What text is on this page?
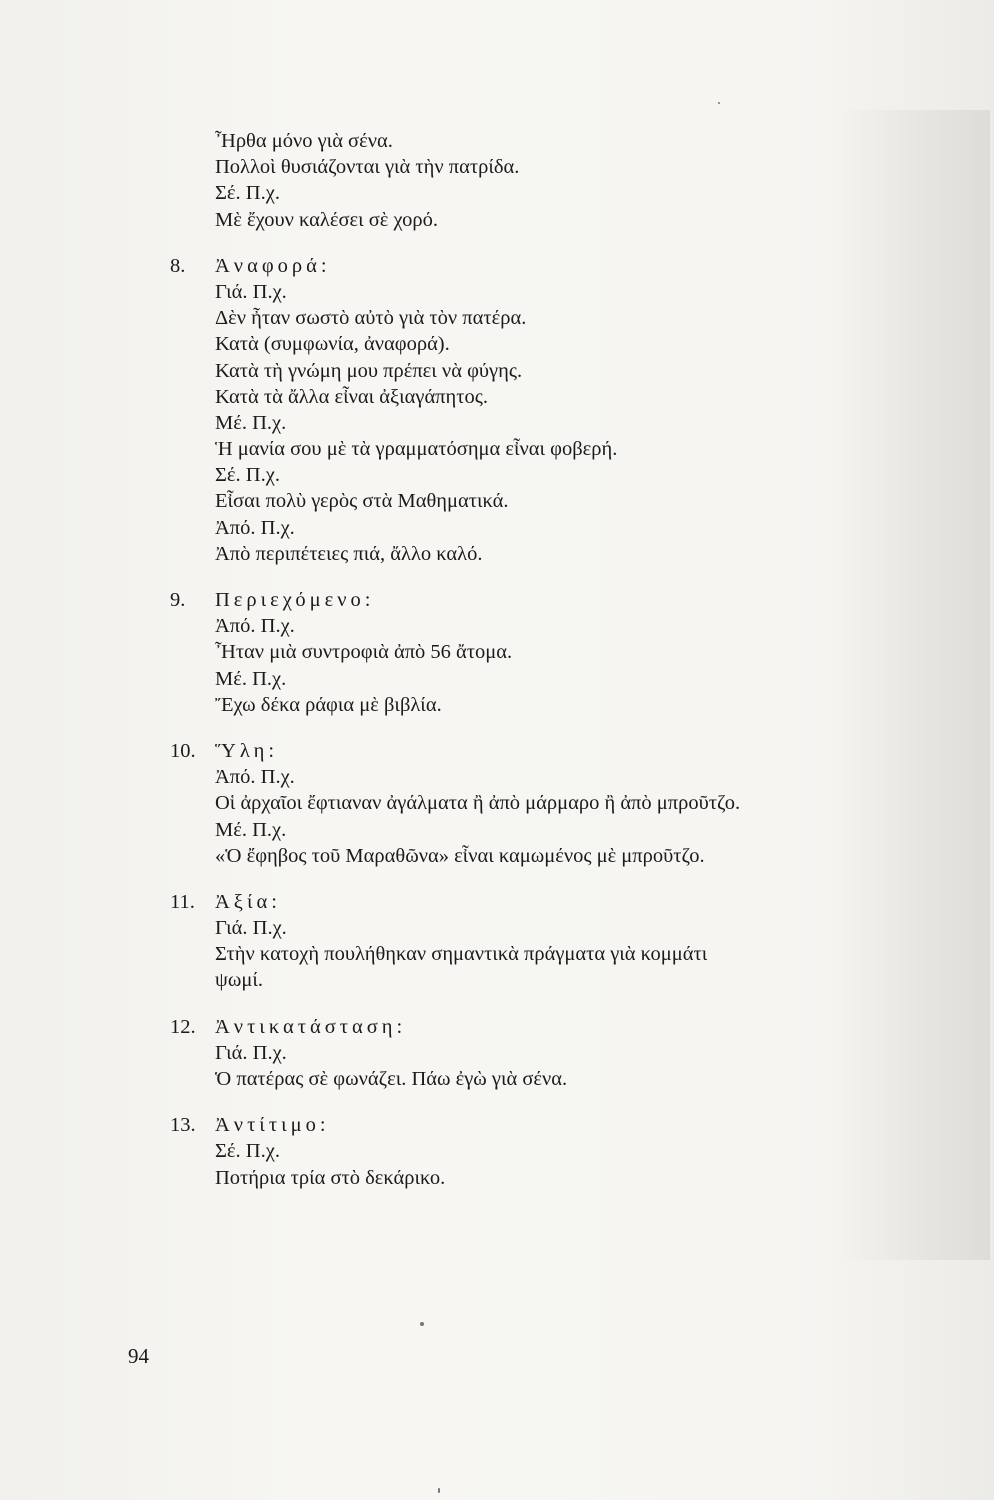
Ἦρθα μόνο γιὰ σένα.
Πολλοὶ θυσιάζονται γιὰ τὴν πατρίδα.
Σέ. Π.χ.
Μὲ ἔχουν καλέσει σὲ χορό.
8. Ἀναφορά:
Γιά. Π.χ.
Δὲν ἦταν σωστὸ αὐτὸ γιὰ τὸν πατέρα.
Κατὰ (συμφωνία, ἀναφορά).
Κατὰ τὴ γνώμη μου πρέπει νὰ φύγης.
Κατὰ τὰ ἄλλα εἶναι ἀξιαγάπητος.
Μέ. Π.χ.
Ἡ μανία σου μὲ τὰ γραμματόσημα εἶναι φοβερή.
Σέ. Π.χ.
Εἶσαι πολὺ γερὸς στὰ Μαθηματικά.
Ἀπό. Π.χ.
Ἀπὸ περιπέτειες πιά, ἄλλο καλό.
9. Περιεχόμενο:
Ἀπό. Π.χ.
Ἦταν μιὰ συντροφιὰ ἀπὸ 56 ἄτομα.
Μέ. Π.χ.
Ἔχω δέκα ράφια μὲ βιβλία.
10. Ὕλη:
Ἀπό. Π.χ.
Οἱ ἀρχαῖοι ἔφτιαναν ἀγάλματα ἢ ἀπὸ μάρμαρο ἢ ἀπὸ μπροῦτζο.
Μέ. Π.χ.
«Ὁ ἔφηβος τοῦ Μαραθῶνα» εἶναι καμωμένος μὲ μπροῦτζο.
11. Ἀξία:
Γιά. Π.χ.
Στὴν κατοχὴ πουλήθηκαν σημαντικὰ πράγματα γιὰ κομμάτι
ψωμί.
12. Ἀντικατάσταση:
Γιά. Π.χ.
Ὁ πατέρας σὲ φωνάζει. Πάω ἐγὼ γιὰ σένα.
13. Ἀντίτιμο:
Σέ. Π.χ.
Ποτήρια τρία στὸ δεκάρικο.
94
